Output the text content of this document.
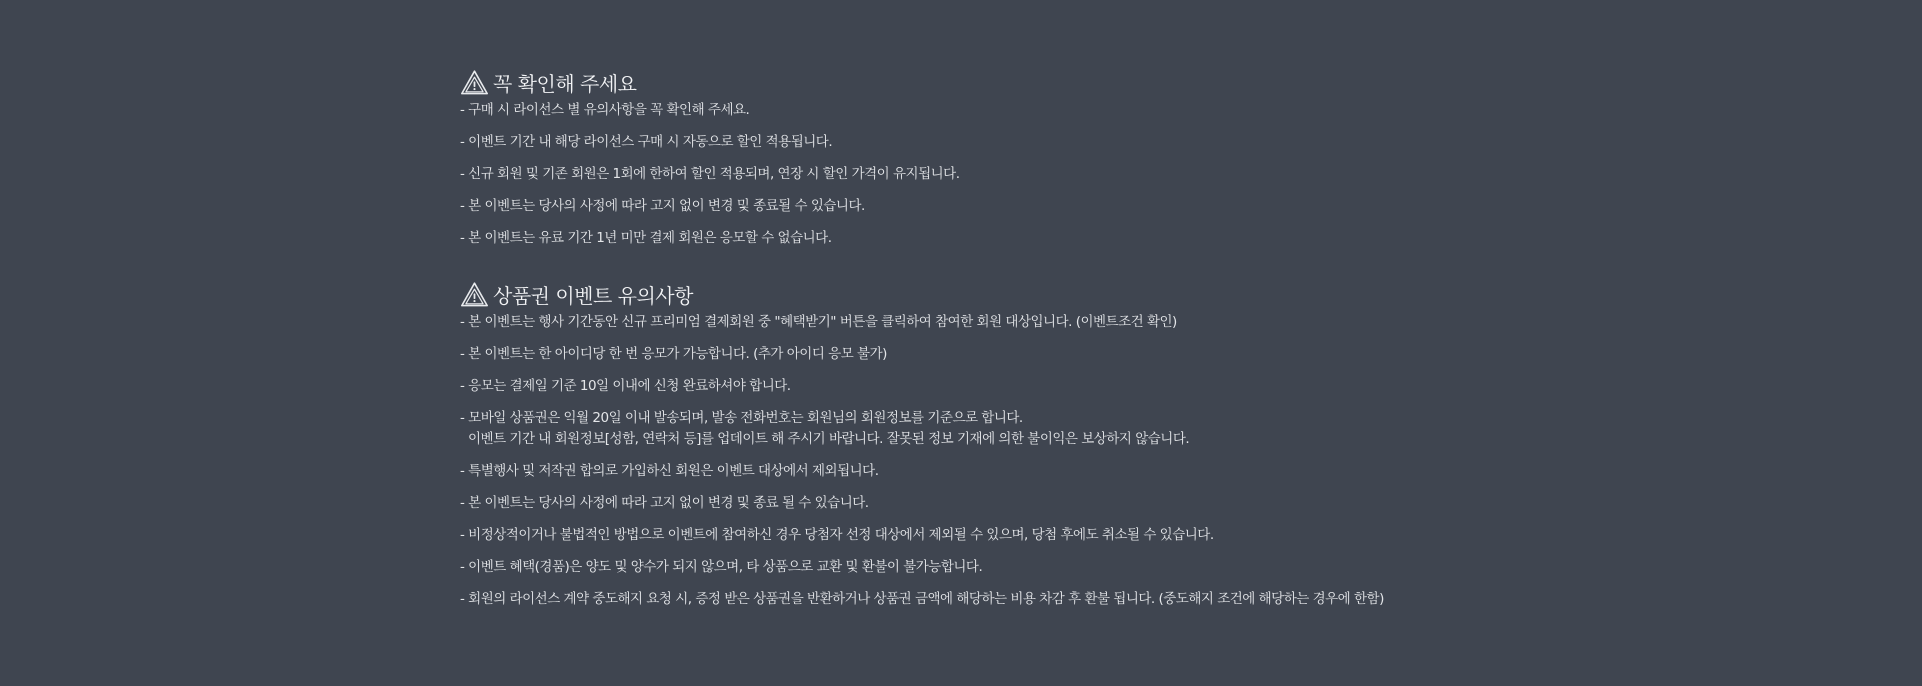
꼭 확인해 주세요
- 구매 시 라이선스 별 유의사항을 꼭 확인해 주세요.
- 이벤트 기간 내 해당 라이선스 구매 시 자동으로 할인 적용됩니다.
- 신규 회원 및 기존 회원은 1회에 한하여 할인 적용되며, 연장 시 할인 가격이 유지됩니다.
- 본 이벤트는 당사의 사정에 따라 고지 없이 변경 및 종료될 수 있습니다.
- 본 이벤트는 유료 기간 1년 미만 결제 회원은 응모할 수 없습니다.
상품권 이벤트 유의사항
- 본 이벤트는 행사 기간동안 신규 프리미엄 결제회원 중 "혜택받기" 버튼을 클릭하여 참여한 회원 대상입니다. (이벤트조건 확인)
- 본 이벤트는 한 아이디당 한 번 응모가 가능합니다. (추가 아이디 응모 불가)
- 응모는 결제일 기준 10일 이내에 신청 완료하셔야 합니다.
- 모바일 상품권은 익월 20일 이내 발송되며, 발송 전화번호는 회원님의 회원정보를 기준으로 합니다.
이벤트 기간 내 회원정보[성함, 연락처 등]를 업데이트 해 주시기 바랍니다. 잘못된 정보 기재에 의한 불이익은 보상하지 않습니다.
- 특별행사 및 저작권 합의로 가입하신 회원은 이벤트 대상에서 제외됩니다.
- 본 이벤트는 당사의 사정에 따라 고지 없이 변경 및 종료 될 수 있습니다.
- 비정상적이거나 불법적인 방법으로 이벤트에 참여하신 경우 당첨자 선정 대상에서 제외될 수 있으며, 당첨 후에도 취소될 수 있습니다.
- 이벤트 혜택(경품)은 양도 및 양수가 되지 않으며, 타 상품으로 교환 및 환불이 불가능합니다.
- 회원의 라이선스 계약 중도해지 요청 시, 증정 받은 상품권을 반환하거나 상품권 금액에 해당하는 비용 차감 후 환불 됩니다. (중도해지 조건에 해당하는 경우에 한함)
